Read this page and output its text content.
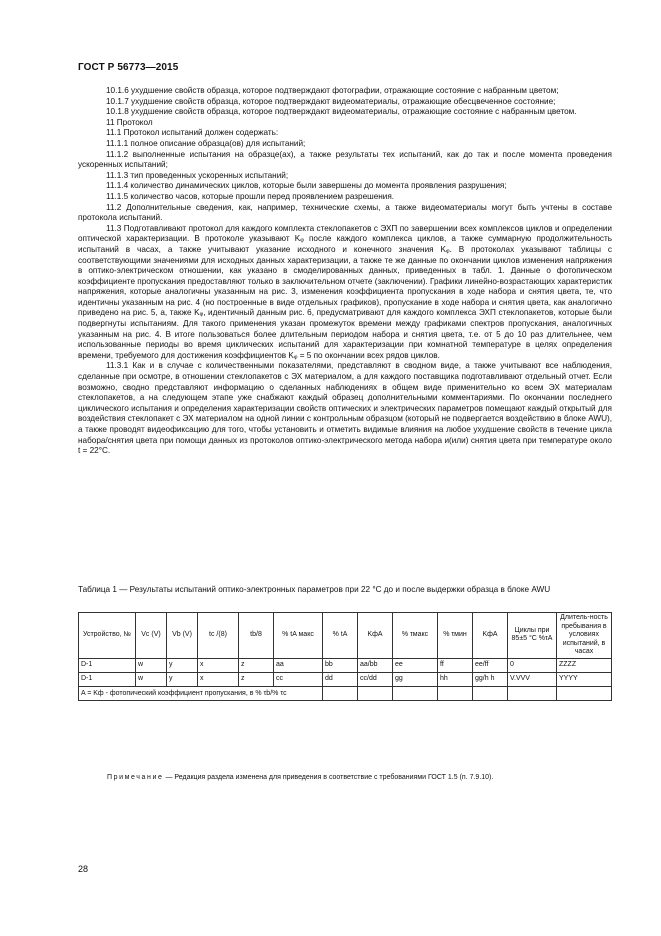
ГОСТ Р 56773—2015

10.1.6 ухудшение свойств образца, которое подтверждают фотографии, отражающие состояние с набранным цветом;

10.1.7 ухудшение свойств образца, которое подтверждают видеоматериалы, отражающие обесцвеченное состояние;

10.1.8 ухудшение свойств образца, которое подтверждают видеоматериалы, отражающие состояние с набранным цветом.

11 Протокол

11.1 Протокол испытаний должен содержать:

11.1.1 полное описание образца(ов) для испытаний;

11.1.2 выполненные испытания на образце(ах), а также результаты тех испытаний, как до так и после момента проведения ускоренных испытаний;

11.1.3 тип проведенных ускоренных испытаний;

11.1.4 количество динамических циклов, которые были завершены до момента проявления разрушения;

11.1.5 количество часов, которые прошли перед проявлением разрешения.

11.2 Дополнительные сведения, как, например, технические схемы, а также видеоматериалы могут быть учтены в составе протокола испытаний.

11.3 Подготавливают протокол для каждого комплекта стеклопакетов с ЭХП по завершении всех комплексов циклов и определении оптической характеризации. В протоколе указывают Kᵩ после каждого комплекса циклов, а также суммарную продолжительность испытаний в часах, а также учитывают указание исходного и конечного значения Kᵩ. В протоколах указывают таблицы с соответствующими значениями для исходных данных характеризации, а также те же данные по окончании циклов изменения напряжения в оптико-электрическом отношении, как указано в смоделированных данных, приведенных в табл. 1. Данные о фотопическом коэффициенте пропускания предоставляют только в заключительном отчете (заключении). Графики линейно-возрастающих характеристик напряжения, которые аналогичны указанным на рис. 3, изменения коэффициента пропускания в ходе набора и снятия цвета, те, что идентичны указанным на рис. 4 (но построенные в виде отдельных графиков), пропускание в ходе набора и снятия цвета, как аналогично приведено на рис. 5, а, также Kᵩ, идентичный данным рис. 6, предусматривают для каждого комплекса ЭХП стеклопакетов, которые были подвергнуты испытаниям. Для такого применения указан промежуток времени между графиками спектров пропускания, аналогичных указанным на рис. 4. В итоге пользоваться более длительным периодом набора и снятия цвета, т.е. от 5 до 10 раз длительнее, чем использованные периоды во время циклических испытаний для характеризации при комнатной температуре в целях определения времени, требуемого для достижения коэффициентов Kᵩ = 5 по окончании всех рядов циклов.

11.3.1 Как и в случае с количественными показателями, представляют в сводном виде, а также учитывают все наблюдения, сделанные при осмотре, в отношении стеклопакетов с ЭХ материалом, а для каждого поставщика подготавливают отдельный отчет. Если возможно, сводно представляют информацию о сделанных наблюдениях в общем виде применительно ко всем ЭХ материалам стеклопакетов, а на следующем этапе уже снабжают каждый образец дополнительными комментариями. По окончании последнего циклического испытания и определения характеризации свойств оптических и электрических параметров помещают каждый открытый для воздействия стеклопакет с ЭХ материалом на одной линии с контрольным образцом (который не подвергается воздействию в блоке AWU), а также проводят видеофиксацию для того, чтобы установить и отметить видимые влияния на любое ухудшение свойств в течение цикла набора/снятия цвета при помощи данных из протоколов оптико-электрического метода набора и(или) снятия цвета при температуре около t = 22°C.

Таблица 1 — Результаты испытаний оптико-электронных параметров при 22 °C до и после выдержки образца в блоке AWU
Устройство, №	Vc (V)	Vb (V)	tc /(8)	tb/8	% tA макс	% tA	KфA	% τмакс	% τмин	KфA	Циклы при 85±5 °C %τA	Длитель-ность пребывания в условиях испытаний, в часах
D-1	w	y	x	z	aa	bb	aa/bb	ee	ff	ee/ff	0	ZZZZ
D-1	w	y	x	z	cc	dd	cc/dd	gg	hh	gg/h h	V.VVV	YYYY
A = Kф - фотопический коэффициент пропускания, в % τb/% τc												
Примечание — Редакция раздела изменена для приведения в соответствие с требованиями ГОСТ 1.5 (п. 7.9.10).
28
